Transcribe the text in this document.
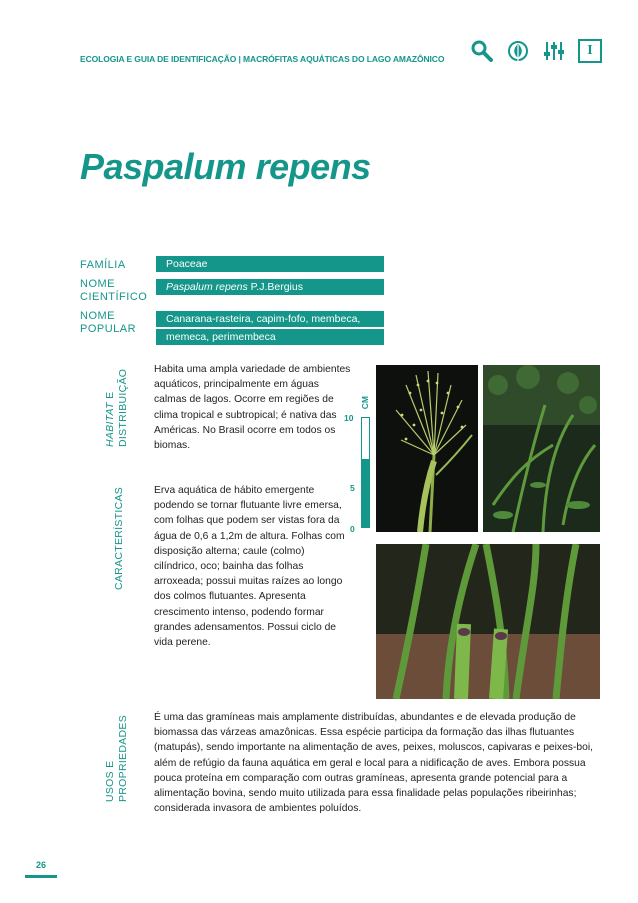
ECOLOGIA E GUIA DE IDENTIFICAÇÃO | MACRÓFITAS AQUÁTICAS DO LAGO AMAZÔNICO
I
Paspalum repens
FAMÍLIA	Poaceae
NOME
CIENTÍFICO
Paspalum repens P.J.Bergius
NOME
POPULAR
Canarana-rasteira, capim-fofo, membeca,
memeca, perimembeca
HABITAT E
DISTRIBUIÇÃO
CARACTERÍSTICAS
USOS E
PROPRIEDADES
Habita uma ampla variedade de ambientes aquáticos, principalmente em águas calmas de lagos. Ocorre em regiões de clima tropical e subtropical; é nativa das Américas. No Brasil ocorre em todos os biomas.
Erva aquática de hábito emergente podendo se tornar flutuante livre emersa, com folhas que podem ser vistas fora da água de 0,6 a 1,2m de altura. Folhas com disposição alterna; caule (colmo) cilíndrico, oco; bainha das folhas arroxeada; possui muitas raízes ao longo dos colmos flutuantes. Apresenta crescimento intenso, podendo formar grandes adensamentos. Possui ciclo de vida perene.
É uma das gramíneas mais amplamente distribuídas, abundantes e de elevada produção de biomassa das várzeas amazônicas. Essa espécie participa da formação das ilhas flutuantes (matupás), sendo importante na alimentação de aves, peixes, moluscos, capivaras e peixes-boi, além de refúgio da fauna aquática em geral e local para a nidificação de aves. Embora possua pouca proteína em comparação com outras gramíneas, apresenta grande potencial para a alimentação bovina, sendo muito utilizada para essa finalidade pelas populações ribeirinhas; considerada invasora de ambientes poluídos.
CM
10
5
0
26
